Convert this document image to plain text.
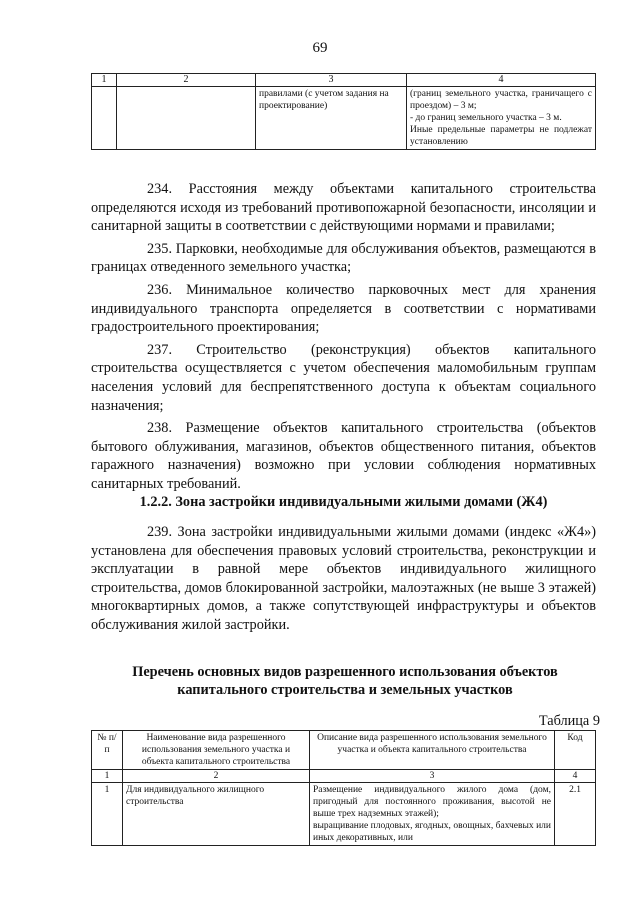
69
1	2	3	4
		правилами (с учетом задания на проектирование)	(границ земельного участка, граничащего с проездом) – 3 м;
- до границ земельного участка – 3 м.
Иные предельные параметры не подлежат установлению

234. Расстояния между объектами капитального строительства определяются исходя из требований противопожарной безопасности, инсоляции и санитарной защиты в соответствии с действующими нормами и правилами;

235. Парковки, необходимые для обслуживания объектов, размещаются в границах отведенного земельного участка;

236. Минимальное количество парковочных мест для хранения индивидуального транспорта определяется в соответствии с нормативами градостроительного проектирования;

237. Строительство (реконструкция) объектов капитального строительства осуществляется с учетом обеспечения маломобильным группам населения условий для беспрепятственного доступа к объектам социального назначения;

238. Размещение объектов капитального строительства (объектов бытового облуживания, магазинов, объектов общественного питания, объектов гаражного назначения) возможно при условии соблюдения нормативных санитарных требований.

1.2.2. Зона застройки индивидуальными жилыми домами (Ж4)

239. Зона застройки индивидуальными жилыми домами (индекс «Ж4») установлена для обеспечения правовых условий строительства, реконструкции и эксплуатации в равной мере объектов индивидуального жилищного строительства, домов блокированной застройки, малоэтажных (не выше 3 этажей) многоквартирных домов, а также сопутствующей инфраструктуры и объектов обслуживания жилой застройки.

Перечень основных видов разрешенного использования объектов капитального строительства и земельных участков
Таблица 9
№ п/п	Наименование вида разрешенного использования земельного участка и объекта капитального строительства	Описание вида разрешенного использования земельного участка и объекта капитального строительства	Код
1	2	3	4
1	Для индивидуального жилищного строительства	Размещение индивидуального жилого дома (дом, пригодный для постоянного проживания, высотой не выше трех надземных этажей);
выращивание плодовых, ягодных, овощных, бахчевых или иных декоративных, или	2.1
